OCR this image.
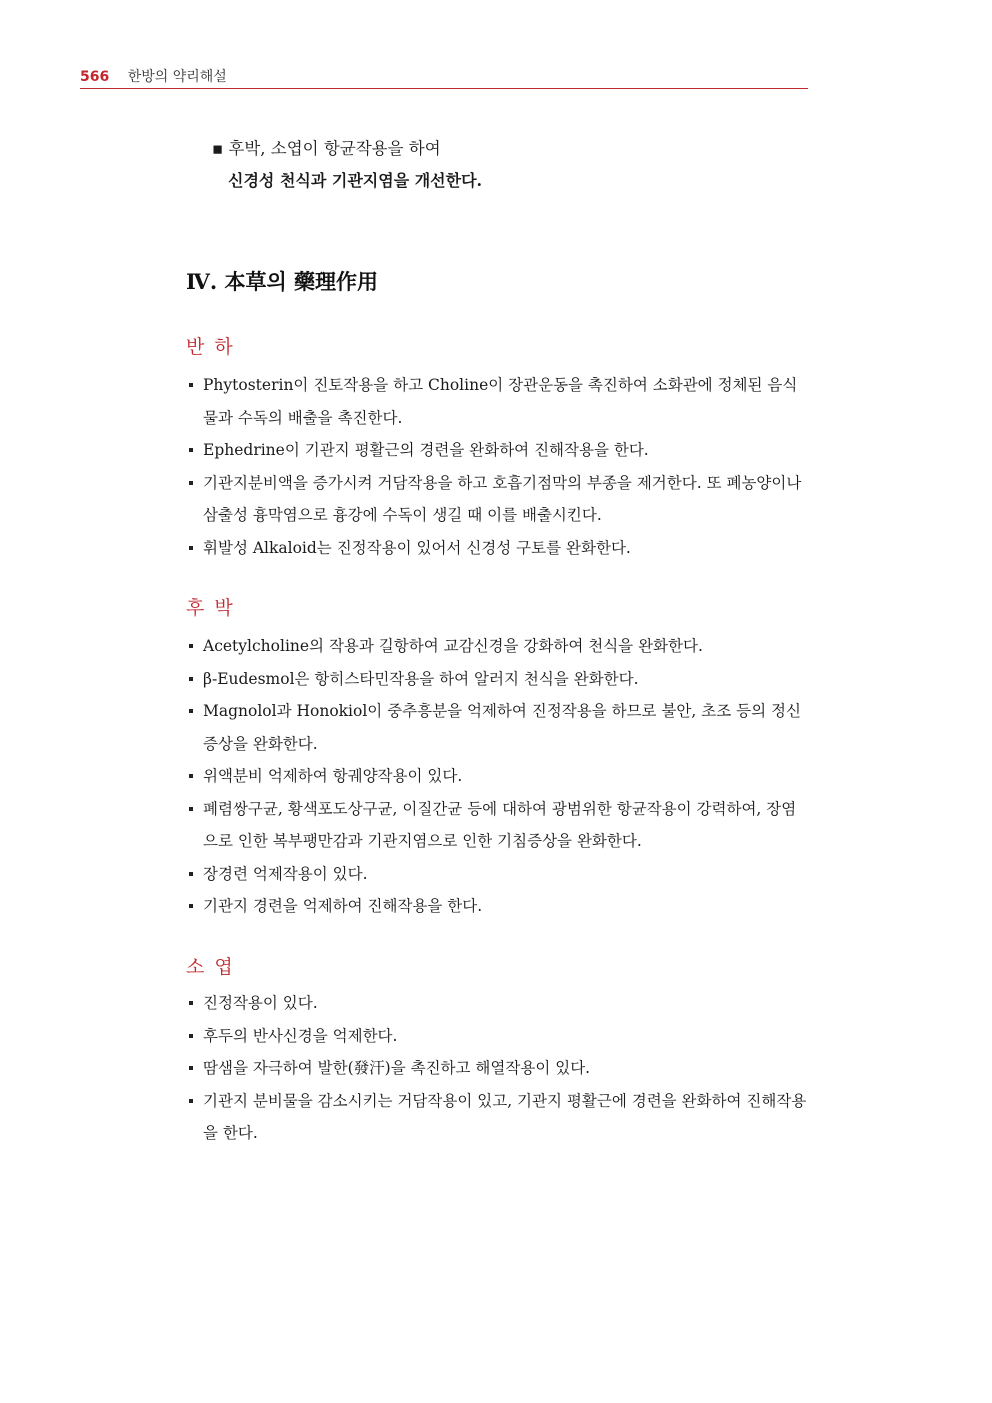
566 한방의 약리해설
▪ 후박, 소엽이 항균작용을 하여
신경성 천식과 기관지염을 개선한다.
Ⅳ. 本草의 藥理作用
반하
Phytosterin이 진토작용을 하고 Choline이 장관운동을 촉진하여 소화관에 정체된 음식물과 수독의 배출을 촉진한다.
Ephedrine이 기관지 평활근의 경련을 완화하여 진해작용을 한다.
기관지분비액을 증가시켜 거담작용을 하고 호흡기점막의 부종을 제거한다. 또 폐농양이나 삼출성 흉막염으로 흉강에 수독이 생길 때 이를 배출시킨다.
휘발성 Alkaloid는 진정작용이 있어서 신경성 구토를 완화한다.
후박
Acetylcholine의 작용과 길항하여 교감신경을 강화하여 천식을 완화한다.
β-Eudesmol은 항히스타민작용을 하여 알러지 천식을 완화한다.
Magnolol과 Honokiol이 중추흥분을 억제하여 진정작용을 하므로 불안, 초조 등의 정신증상을 완화한다.
위액분비 억제하여 항궤양작용이 있다.
폐렴쌍구균, 황색포도상구균, 이질간균 등에 대하여 광범위한 항균작용이 강력하여, 장염으로 인한 복부팽만감과 기관지염으로 인한 기침증상을 완화한다.
장경련 억제작용이 있다.
기관지 경련을 억제하여 진해작용을 한다.
소엽
진정작용이 있다.
후두의 반사신경을 억제한다.
땀샘을 자극하여 발한(發汗)을 촉진하고 해열작용이 있다.
기관지 분비물을 감소시키는 거담작용이 있고, 기관지 평활근에 경련을 완화하여 진해작용을 한다.
